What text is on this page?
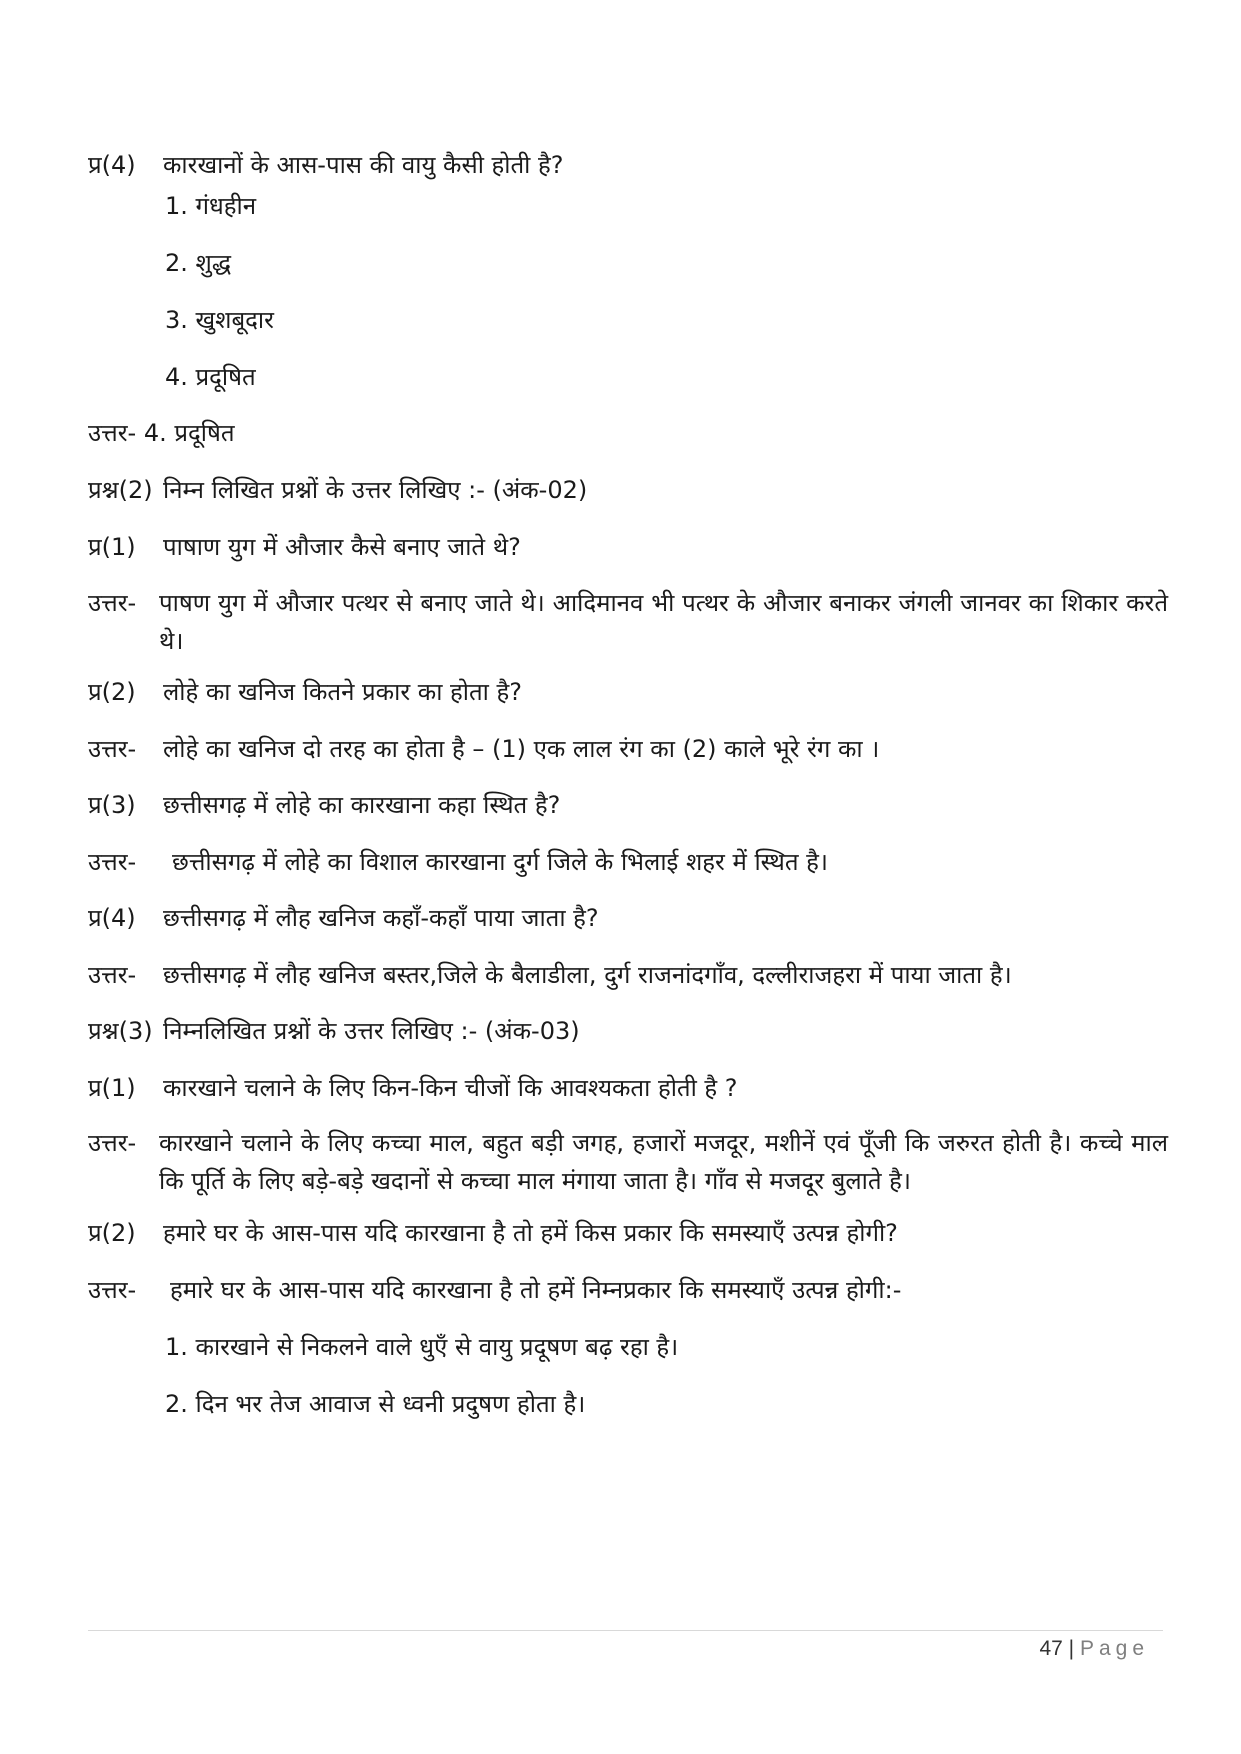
प्र(4) कारखानों के आस-पास की वायु कैसी होती है?
1. गंधहीन
2. शुद्ध
3. खुशबूदार
4. प्रदूषित
उत्तर- 4. प्रदूषित
प्रश्न(2) निम्न लिखित प्रश्नों के उत्तर लिखिए :- (अंक-02)
प्र(1) पाषाण युग में औजार कैसे बनाए जाते थे?
उत्तर- पाषण युग में औजार पत्थर से बनाए जाते थे। आदिमानव भी पत्थर के औजार बनाकर जंगली जानवर का शिकार करते थे।
प्र(2) लोहे का खनिज कितने प्रकार का होता है?
उत्तर- लोहे का खनिज दो तरह का होता है – (1) एक लाल रंग का (2) काले भूरे रंग का ।
प्र(3) छत्तीसगढ़ में लोहे का कारखाना कहा स्थित है?
उत्तर- छत्तीसगढ़ में लोहे का विशाल कारखाना दुर्ग जिले के भिलाई शहर में स्थित है।
प्र(4) छत्तीसगढ़ में लौह खनिज कहाँ-कहाँ पाया जाता है?
उत्तर- छत्तीसगढ़ में लौह खनिज बस्तर,जिले के बैलाडीला, दुर्ग राजनांदगाँव, दल्लीराजहरा में पाया जाता है।
प्रश्न(3) निम्नलिखित प्रश्नों के उत्तर लिखिए :- (अंक-03)
प्र(1) कारखाने चलाने के लिए किन-किन चीजों कि आवश्यकता होती है ?
उत्तर- कारखाने चलाने के लिए कच्चा माल, बहुत बड़ी जगह, हजारों मजदूर, मशीनें एवं पूँजी कि जरुरत होती है। कच्चे माल कि पूर्ति के लिए बड़े-बड़े खदानों से कच्चा माल मंगाया जाता है। गाँव से मजदूर बुलाते है।
प्र(2) हमारे घर के आस-पास यदि कारखाना है तो हमें किस प्रकार कि समस्याएँ उत्पन्न होगी?
उत्तर- हमारे घर के आस-पास यदि कारखाना है तो हमें निम्नप्रकार कि समस्याएँ उत्पन्न होगी:-
1. कारखाने से निकलने वाले धुएँ से वायु प्रदूषण बढ़ रहा है।
2. दिन भर तेज आवाज से ध्वनी प्रदुषण होता है।
47 | Page
